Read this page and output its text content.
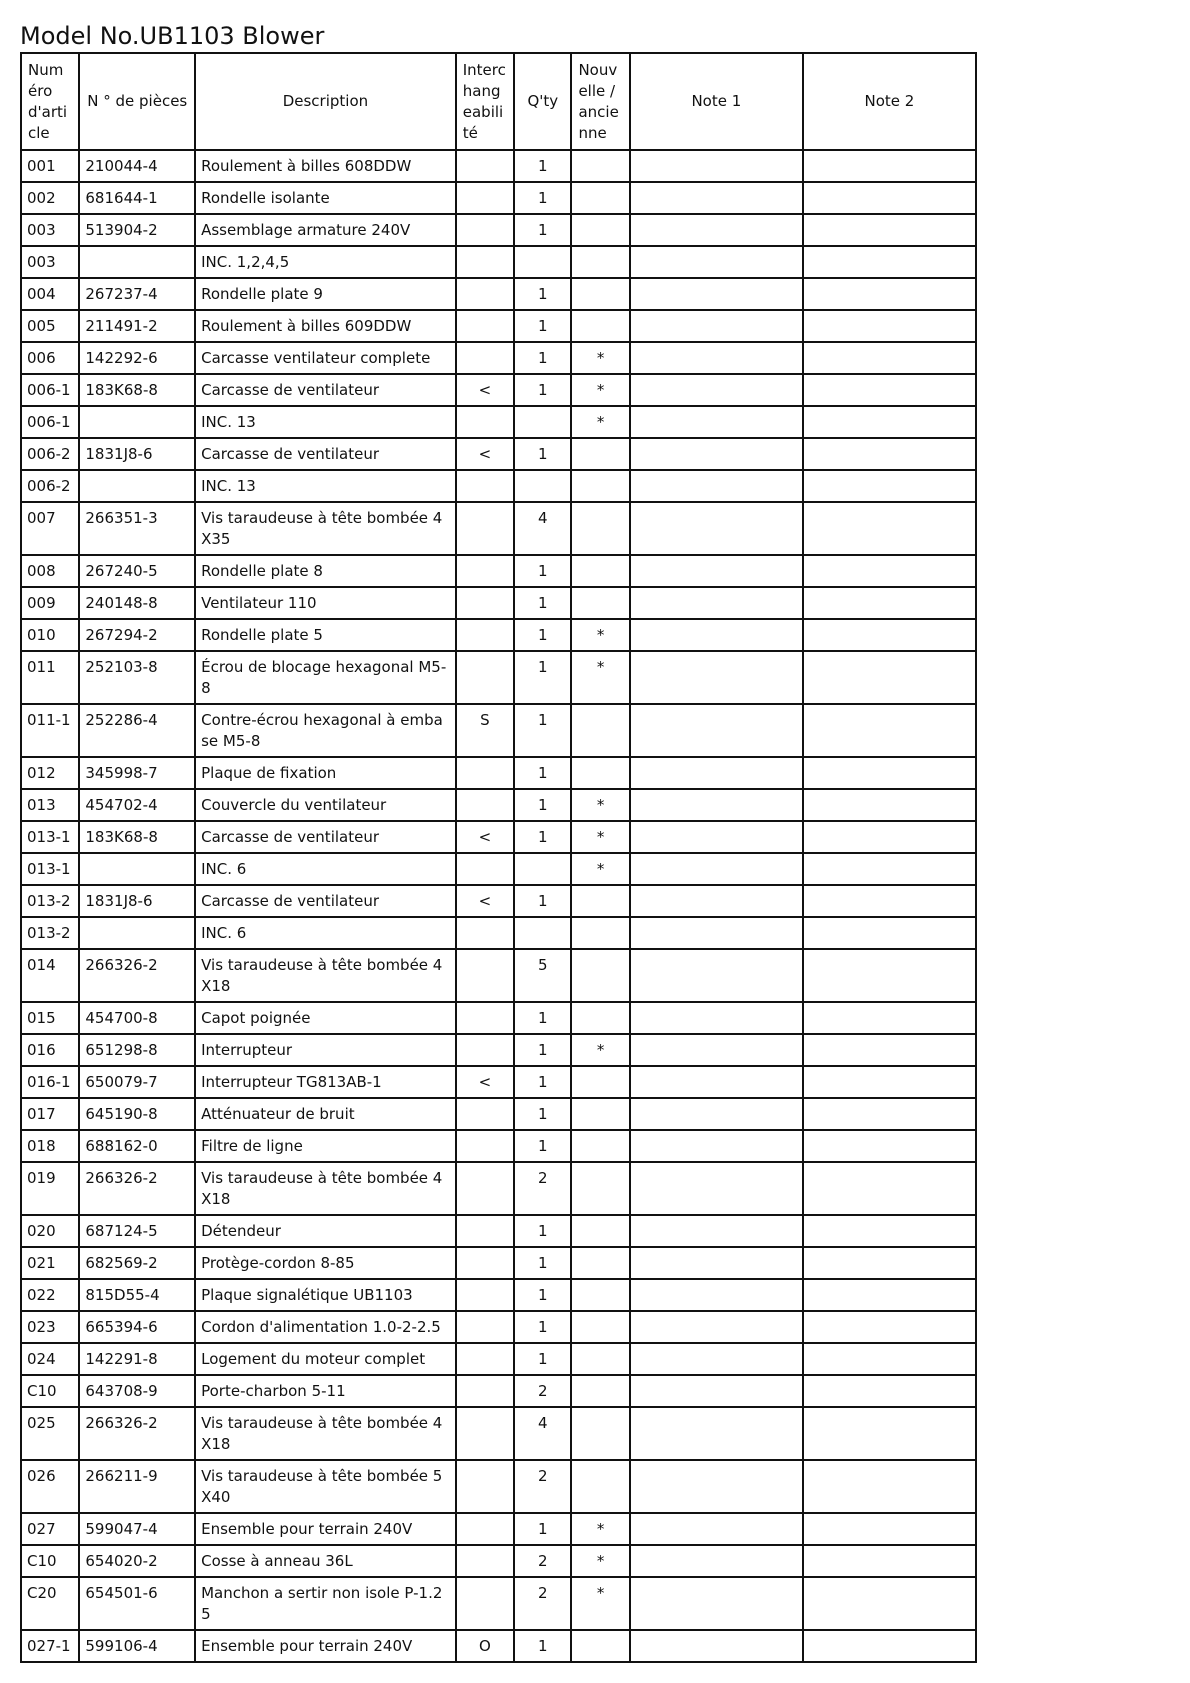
Model No.UB1103 Blower
Numéro d'article	N ° de pièces	Description	Interchangeabilité	Q'ty	Nouvelle / ancienne	Note 1	Note 2
001	210044-4	Roulement à billes 608DDW		1			
002	681644-1	Rondelle isolante		1			
003	513904-2	Assemblage armature 240V		1			
003		INC. 1,2,4,5					
004	267237-4	Rondelle plate 9		1			
005	211491-2	Roulement à billes 609DDW		1			
006	142292-6	Carcasse ventilateur complete		1	*		
006-1	183K68-8	Carcasse de ventilateur	<	1	*		
006-1		INC. 13			*		
006-2	1831J8-6	Carcasse de ventilateur	<	1			
006-2		INC. 13					
007	266351-3	Vis taraudeuse à tête bombée 4X35		4			
008	267240-5	Rondelle plate 8		1			
009	240148-8	Ventilateur 110		1			
010	267294-2	Rondelle plate 5		1	*		
011	252103-8	Écrou de blocage hexagonal M5-8		1	*		
011-1	252286-4	Contre-écrou hexagonal à embase M5-8	S	1			
012	345998-7	Plaque de fixation		1			
013	454702-4	Couvercle du ventilateur		1	*		
013-1	183K68-8	Carcasse de ventilateur	<	1	*		
013-1		INC. 6			*		
013-2	1831J8-6	Carcasse de ventilateur	<	1			
013-2		INC. 6					
014	266326-2	Vis taraudeuse à tête bombée 4X18		5			
015	454700-8	Capot poignée		1			
016	651298-8	Interrupteur		1	*		
016-1	650079-7	Interrupteur TG813AB-1	<	1			
017	645190-8	Atténuateur de bruit		1			
018	688162-0	Filtre de ligne		1			
019	266326-2	Vis taraudeuse à tête bombée 4X18		2			
020	687124-5	Détendeur		1			
021	682569-2	Protège-cordon 8-85		1			
022	815D55-4	Plaque signalétique UB1103		1			
023	665394-6	Cordon d'alimentation 1.0-2-2.5		1			
024	142291-8	Logement du moteur complet		1			
C10	643708-9	Porte-charbon 5-11		2			
025	266326-2	Vis taraudeuse à tête bombée 4X18		4			
026	266211-9	Vis taraudeuse à tête bombée 5X40		2			
027	599047-4	Ensemble pour terrain 240V		1	*		
C10	654020-2	Cosse à anneau 36L		2	*		
C20	654501-6	Manchon a sertir non isole P-1.25		2	*		
027-1	599106-4	Ensemble pour terrain 240V	O	1			
